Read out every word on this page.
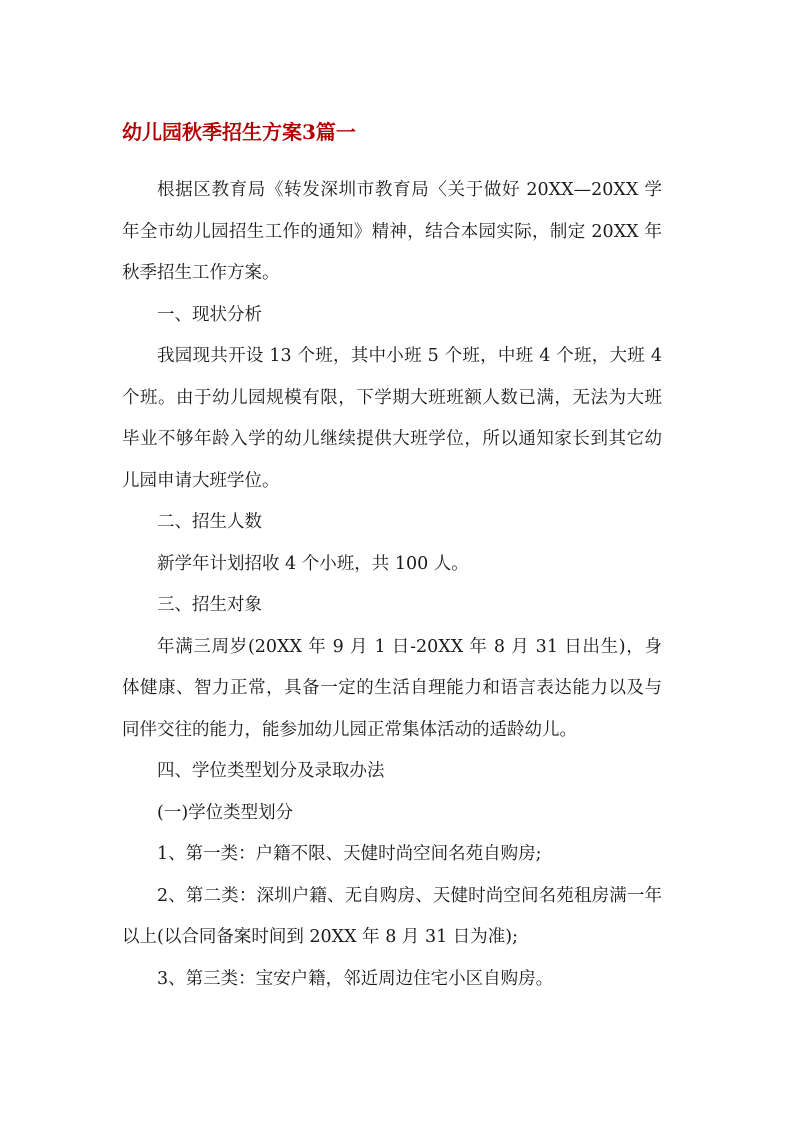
幼儿园秋季招生方案3篇一

根据区教育局《转发深圳市教育局〈关于做好 20XX—20XX 学年全市幼儿园招生工作的通知》精神，结合本园实际，制定 20XX 年秋季招生工作方案。

一、现状分析

我园现共开设 13 个班，其中小班 5 个班，中班 4 个班，大班 4 个班。由于幼儿园规模有限，下学期大班班额人数已满，无法为大班毕业不够年龄入学的幼儿继续提供大班学位，所以通知家长到其它幼儿园申请大班学位。

二、招生人数

新学年计划招收 4 个小班，共 100 人。

三、招生对象

年满三周岁(20XX 年 9 月 1 日-20XX 年 8 月 31 日出生)，身体健康、智力正常，具备一定的生活自理能力和语言表达能力以及与同伴交往的能力，能参加幼儿园正常集体活动的适龄幼儿。

四、学位类型划分及录取办法

(一)学位类型划分

1、第一类：户籍不限、天健时尚空间名苑自购房;

2、第二类：深圳户籍、无自购房、天健时尚空间名苑租房满一年以上(以合同备案时间到 20XX 年 8 月 31 日为准);

3、第三类：宝安户籍，邻近周边住宅小区自购房。
